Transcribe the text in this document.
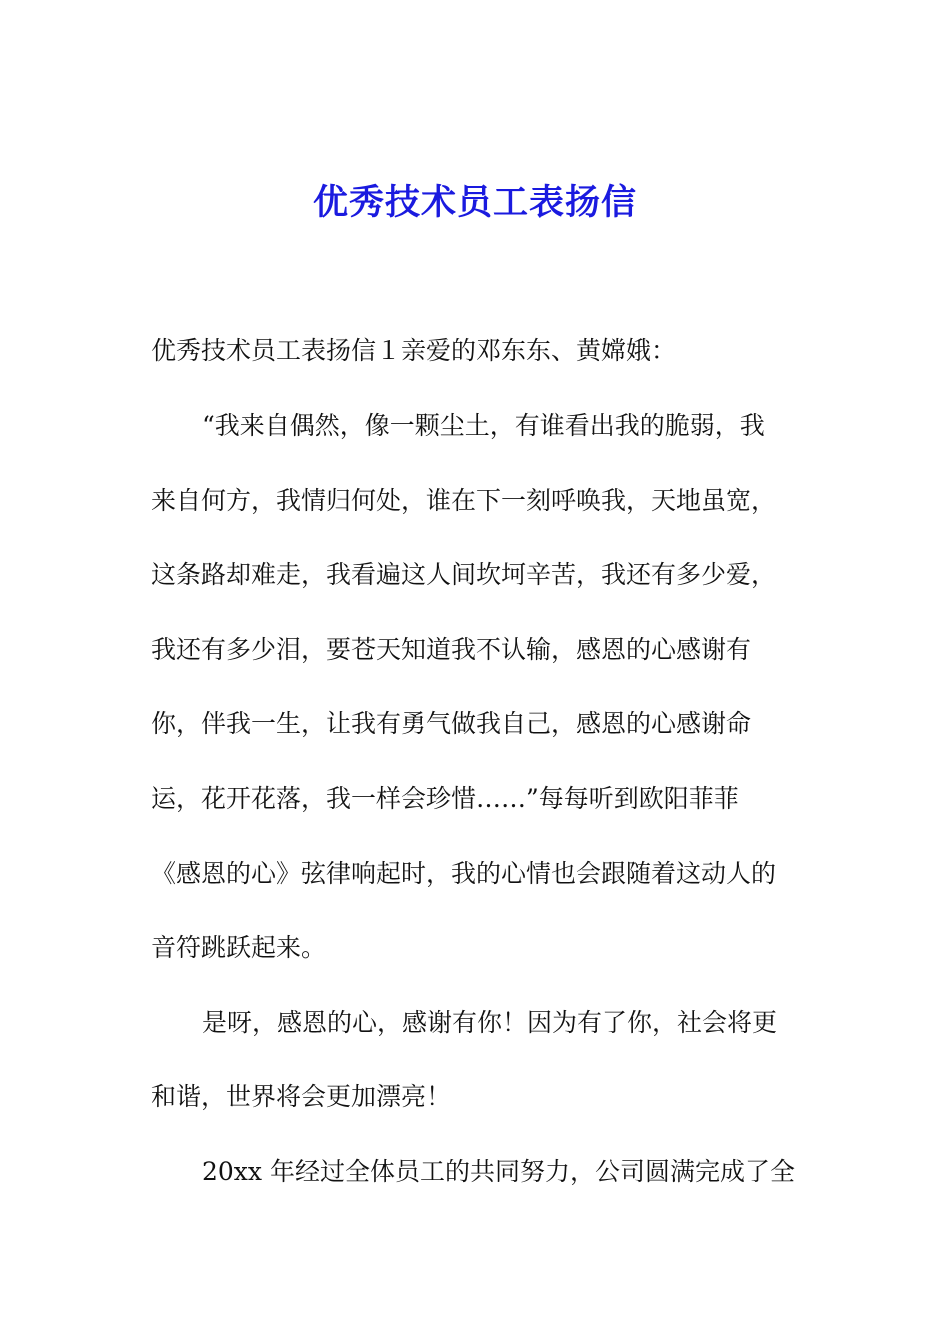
优秀技术员工表扬信

优秀技术员工表扬信１亲爱的邓东东、黄嫦娥：

“我来自偶然，像一颗尘土，有谁看出我的脆弱，我

来自何方，我情归何处，谁在下一刻呼唤我，天地虽宽，

这条路却难走，我看遍这人间坎坷辛苦，我还有多少爱，

我还有多少泪，要苍天知道我不认输，感恩的心感谢有

你，伴我一生，让我有勇气做我自己，感恩的心感谢命

运，花开花落，我一样会珍惜……”每每听到欧阳菲菲

《感恩的心》弦律响起时，我的心情也会跟随着这动人的

音符跳跃起来。

是呀，感恩的心，感谢有你！因为有了你，社会将更

和谐，世界将会更加漂亮！

20xx 年经过全体员工的共同努力，公司圆满完成了全
